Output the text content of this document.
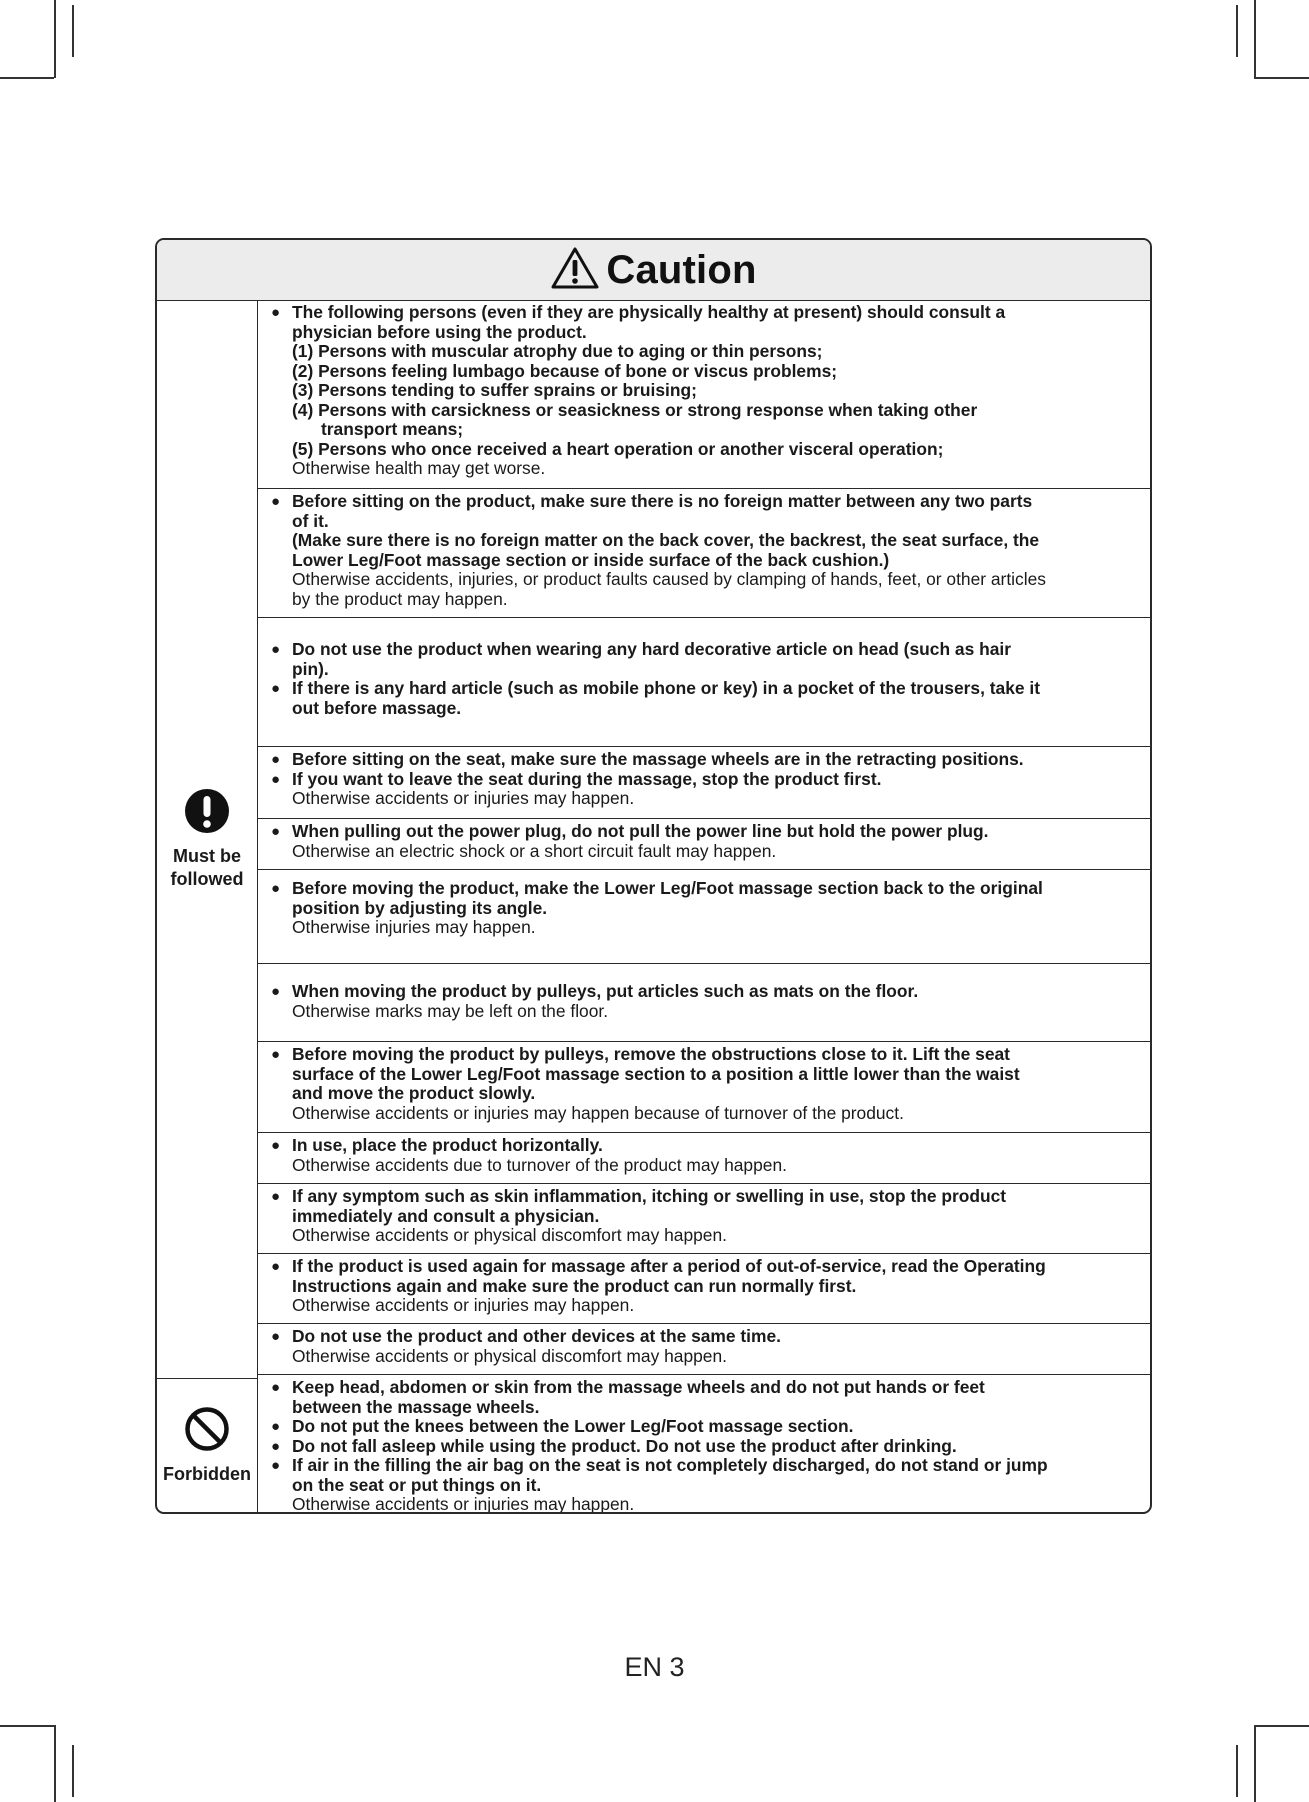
Caution
Must be
followed
Forbidden
● The following persons (even if they are physically healthy at present) should consult a
physician before using the product.
(1) Persons with muscular atrophy due to aging or thin persons;
(2) Persons feeling lumbago because of bone or viscus problems;
(3) Persons tending to suffer sprains or bruising;
(4) Persons with carsickness or seasickness or strong response when taking other
transport means;
(5) Persons who once received a heart operation or another visceral operation;
Otherwise health may get worse.
● Before sitting on the product, make sure there is no foreign matter between any two parts
of it.
(Make sure there is no foreign matter on the back cover, the backrest, the seat surface, the
Lower Leg/Foot massage section or inside surface of the back cushion.)
Otherwise accidents, injuries, or product faults caused by clamping of hands, feet, or other articles
by the product may happen.
● Do not use the product when wearing any hard decorative article on head (such as hair
pin).
● If there is any hard article (such as mobile phone or key) in a pocket of the trousers, take it
out before massage.
● Before sitting on the seat, make sure the massage wheels are in the retracting positions.
● If you want to leave the seat during the massage, stop the product first.
Otherwise accidents or injuries may happen.
● When pulling out the power plug, do not pull the power line but hold the power plug.
Otherwise an electric shock or a short circuit fault may happen.
● Before moving the product, make the Lower Leg/Foot massage section back to the original
position by adjusting its angle.
Otherwise injuries may happen.
● When moving the product by pulleys, put articles such as mats on the floor.
Otherwise marks may be left on the floor.
● Before moving the product by pulleys, remove the obstructions close to it. Lift the seat
surface of the Lower Leg/Foot massage section to a position a little lower than the waist
and move the product slowly.
Otherwise accidents or injuries may happen because of turnover of the product.
● In use, place the product horizontally.
Otherwise accidents due to turnover of the product may happen.
● If any symptom such as skin inflammation, itching or swelling in use, stop the product
immediately and consult a physician.
Otherwise accidents or physical discomfort may happen.
● If the product is used again for massage after a period of out-of-service, read the Operating
Instructions again and make sure the product can run normally first.
Otherwise accidents or injuries may happen.
● Do not use the product and other devices at the same time.
Otherwise accidents or physical discomfort may happen.
● Keep head, abdomen or skin from the massage wheels and do not put hands or feet
between the massage wheels.
● Do not put the knees between the Lower Leg/Foot massage section.
● Do not fall asleep while using the product. Do not use the product after drinking.
● If air in the filling the air bag on the seat is not completely discharged, do not stand or jump
on the seat or put things on it.
Otherwise accidents or injuries may happen.
EN 3
